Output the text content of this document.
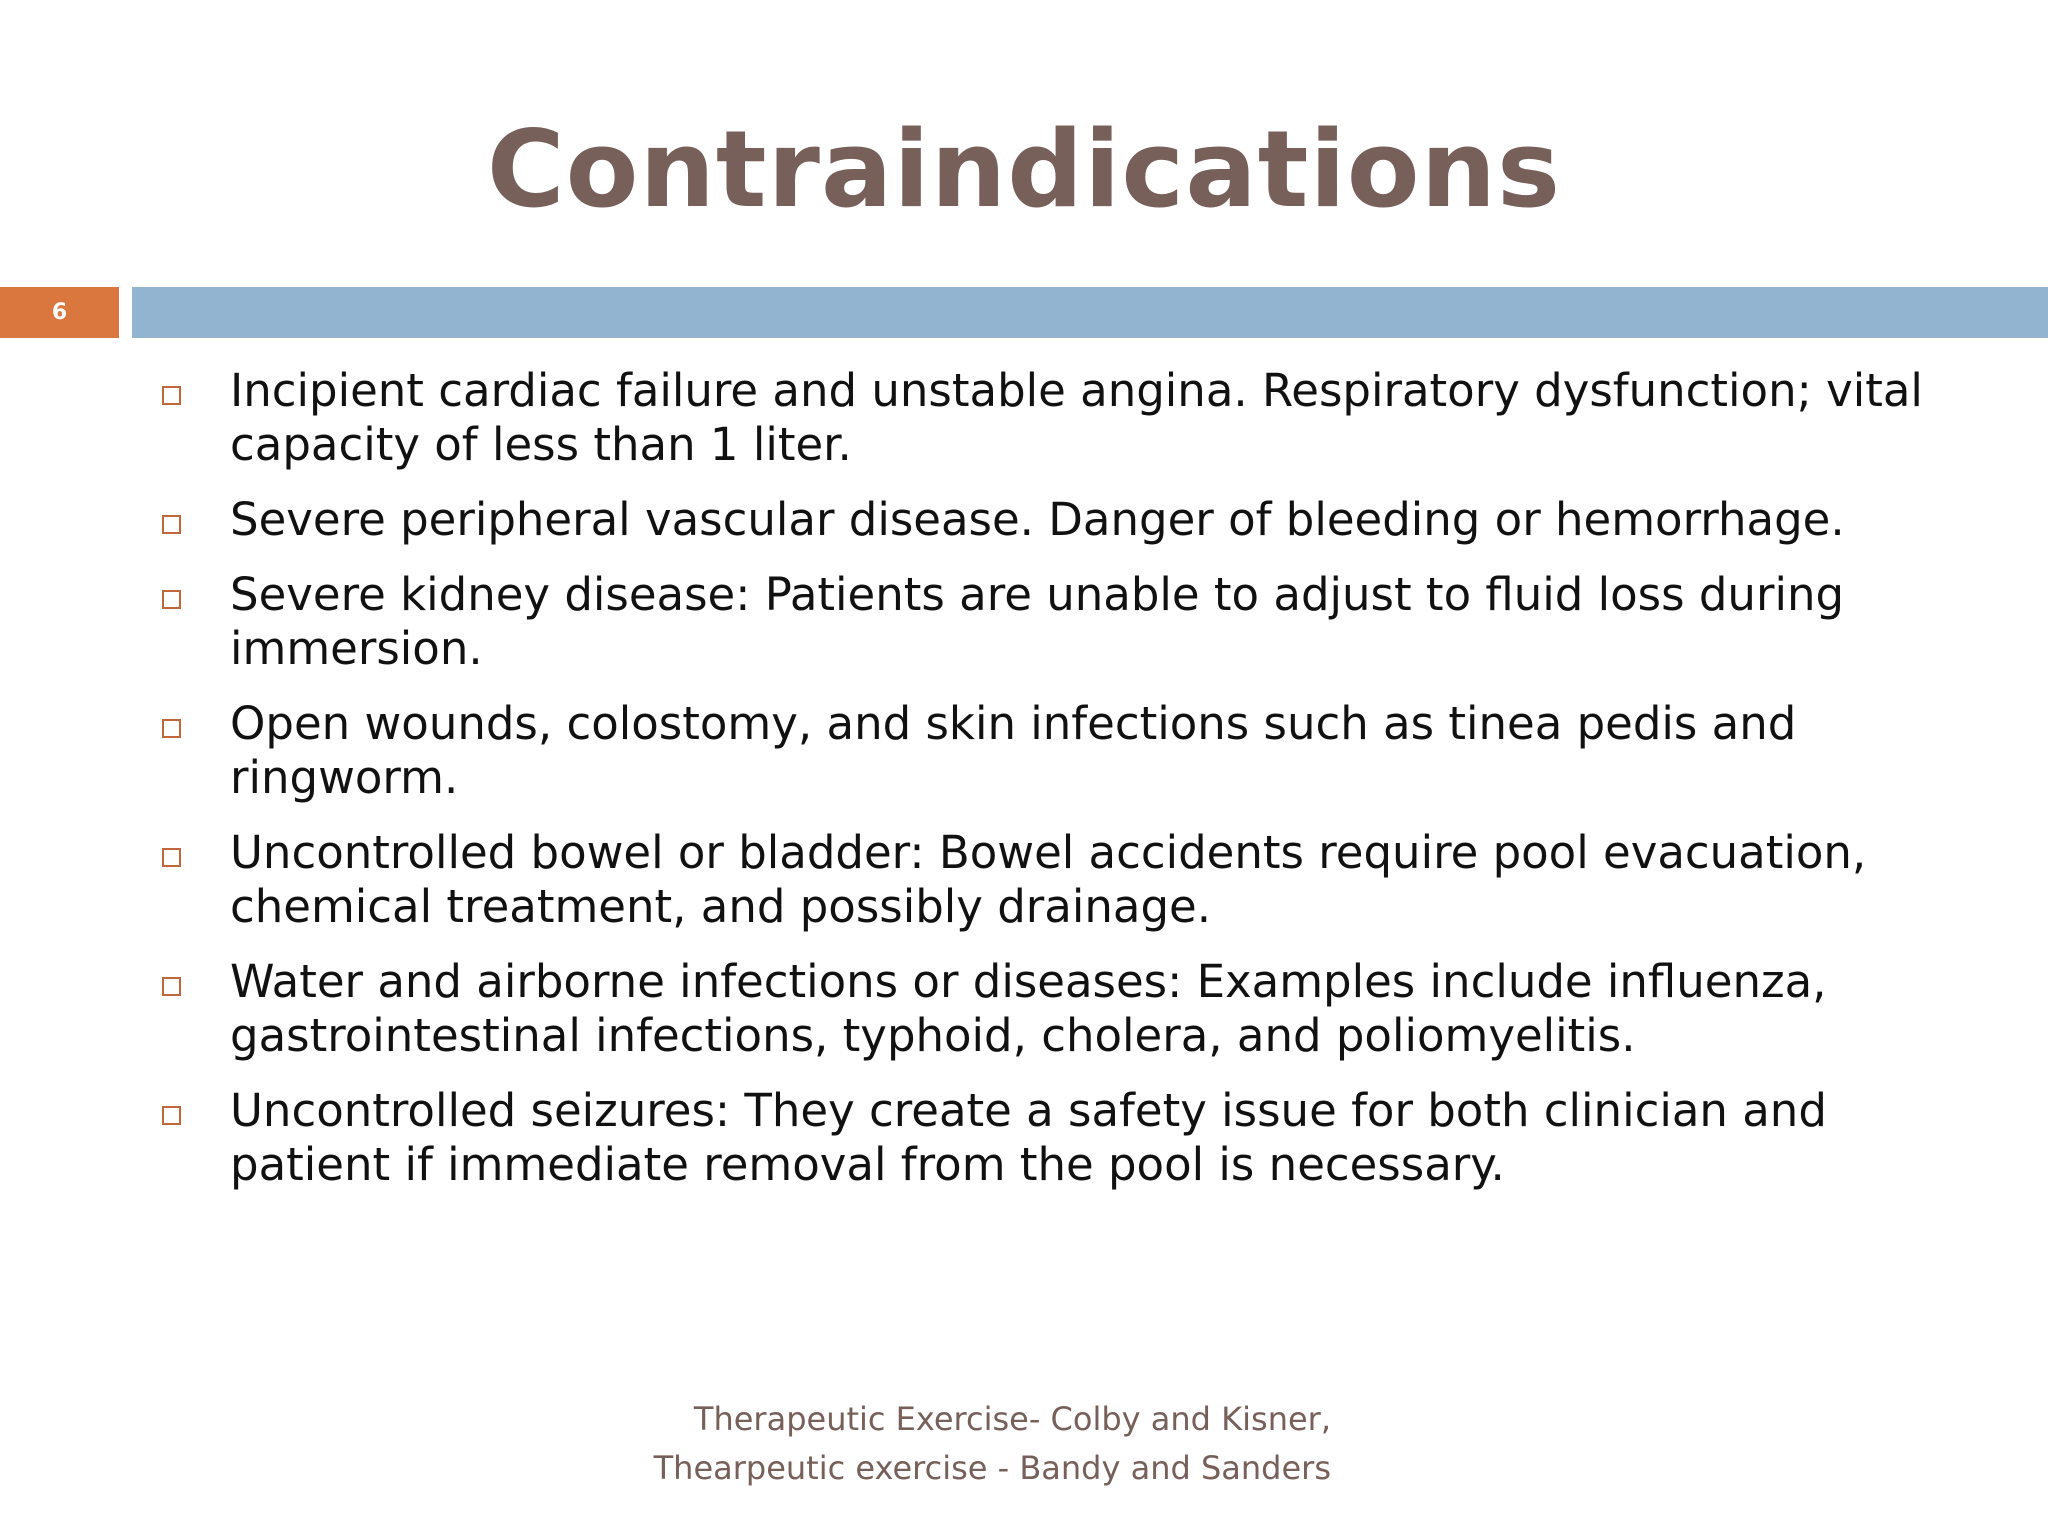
Contraindications
6
Incipient cardiac failure and unstable angina. Respiratory dysfunction; vital capacity of less than 1 liter.
Severe peripheral vascular disease. Danger of bleeding or hemorrhage.
Severe kidney disease: Patients are unable to adjust to fluid loss during immersion.
Open wounds, colostomy, and skin infections such as tinea pedis and ringworm.
Uncontrolled bowel or bladder: Bowel accidents require pool evacuation, chemical treatment, and possibly drainage.
Water and airborne infections or diseases: Examples include influenza, gastrointestinal infections, typhoid, cholera, and poliomyelitis.
Uncontrolled seizures: They create a safety issue for both clinician and patient if immediate removal from the pool is necessary.
Therapeutic Exercise- Colby and Kisner,
Thearpeutic exercise - Bandy and Sanders
